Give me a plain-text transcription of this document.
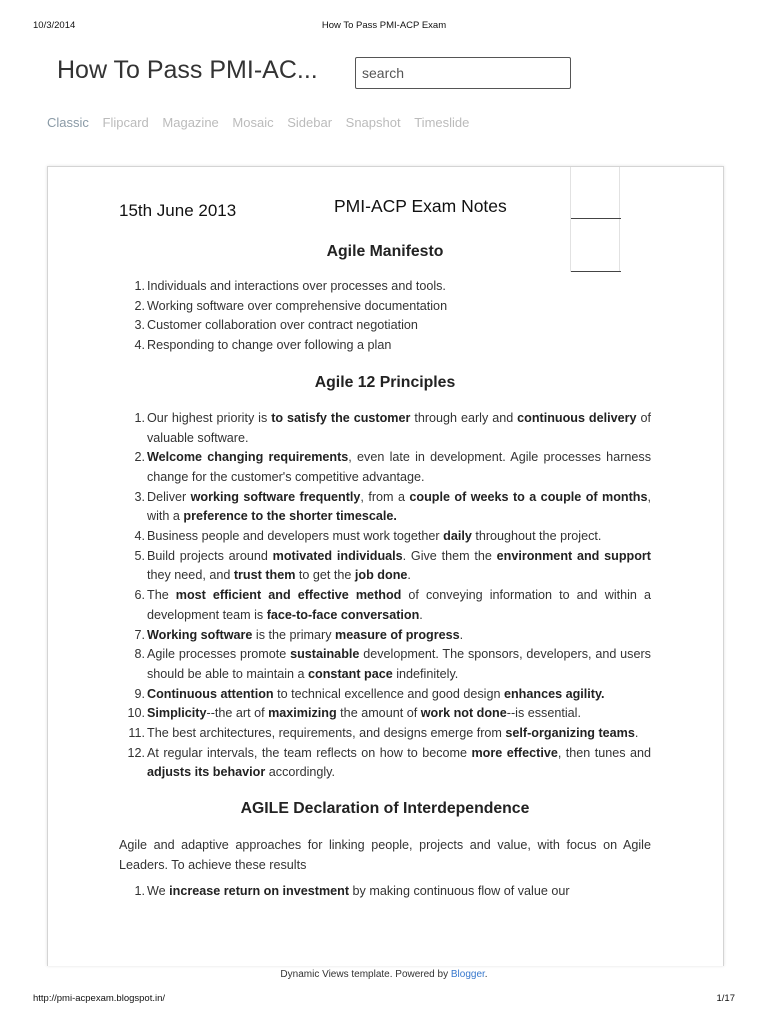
10/3/2014	How To Pass PMI-ACP Exam
How To Pass PMI-AC...
search
Classic Flipcard Magazine Mosaic Sidebar Snapshot Timeslide
15th June 2013	PMI-ACP Exam Notes
Agile Manifesto
1. Individuals and interactions over processes and tools.
2. Working software over comprehensive documentation
3. Customer collaboration over contract negotiation
4. Responding to change over following a plan
Agile 12 Principles
1. Our highest priority is to satisfy the customer through early and continuous delivery of valuable software.
2. Welcome changing requirements, even late in development. Agile processes harness change for the customer's competitive advantage.
3. Deliver working software frequently, from a couple of weeks to a couple of months, with a preference to the shorter timescale.
4. Business people and developers must work together daily throughout the project.
5. Build projects around motivated individuals. Give them the environment and support they need, and trust them to get the job done.
6. The most efficient and effective method of conveying information to and within a development team is face-to-face conversation.
7. Working software is the primary measure of progress.
8. Agile processes promote sustainable development. The sponsors, developers, and users should be able to maintain a constant pace indefinitely.
9. Continuous attention to technical excellence and good design enhances agility.
10. Simplicity--the art of maximizing the amount of work not done--is essential.
11. The best architectures, requirements, and designs emerge from self-organizing teams.
12. At regular intervals, the team reflects on how to become more effective, then tunes and adjusts its behavior accordingly.
AGILE Declaration of Interdependence

Agile and adaptive approaches for linking people, projects and value, with focus on Agile Leaders. To achieve these results

1. We increase return on investment by making continuous flow of value our
Dynamic Views template. Powered by Blogger.
http://pmi-acpexam.blogspot.in/	1/17
